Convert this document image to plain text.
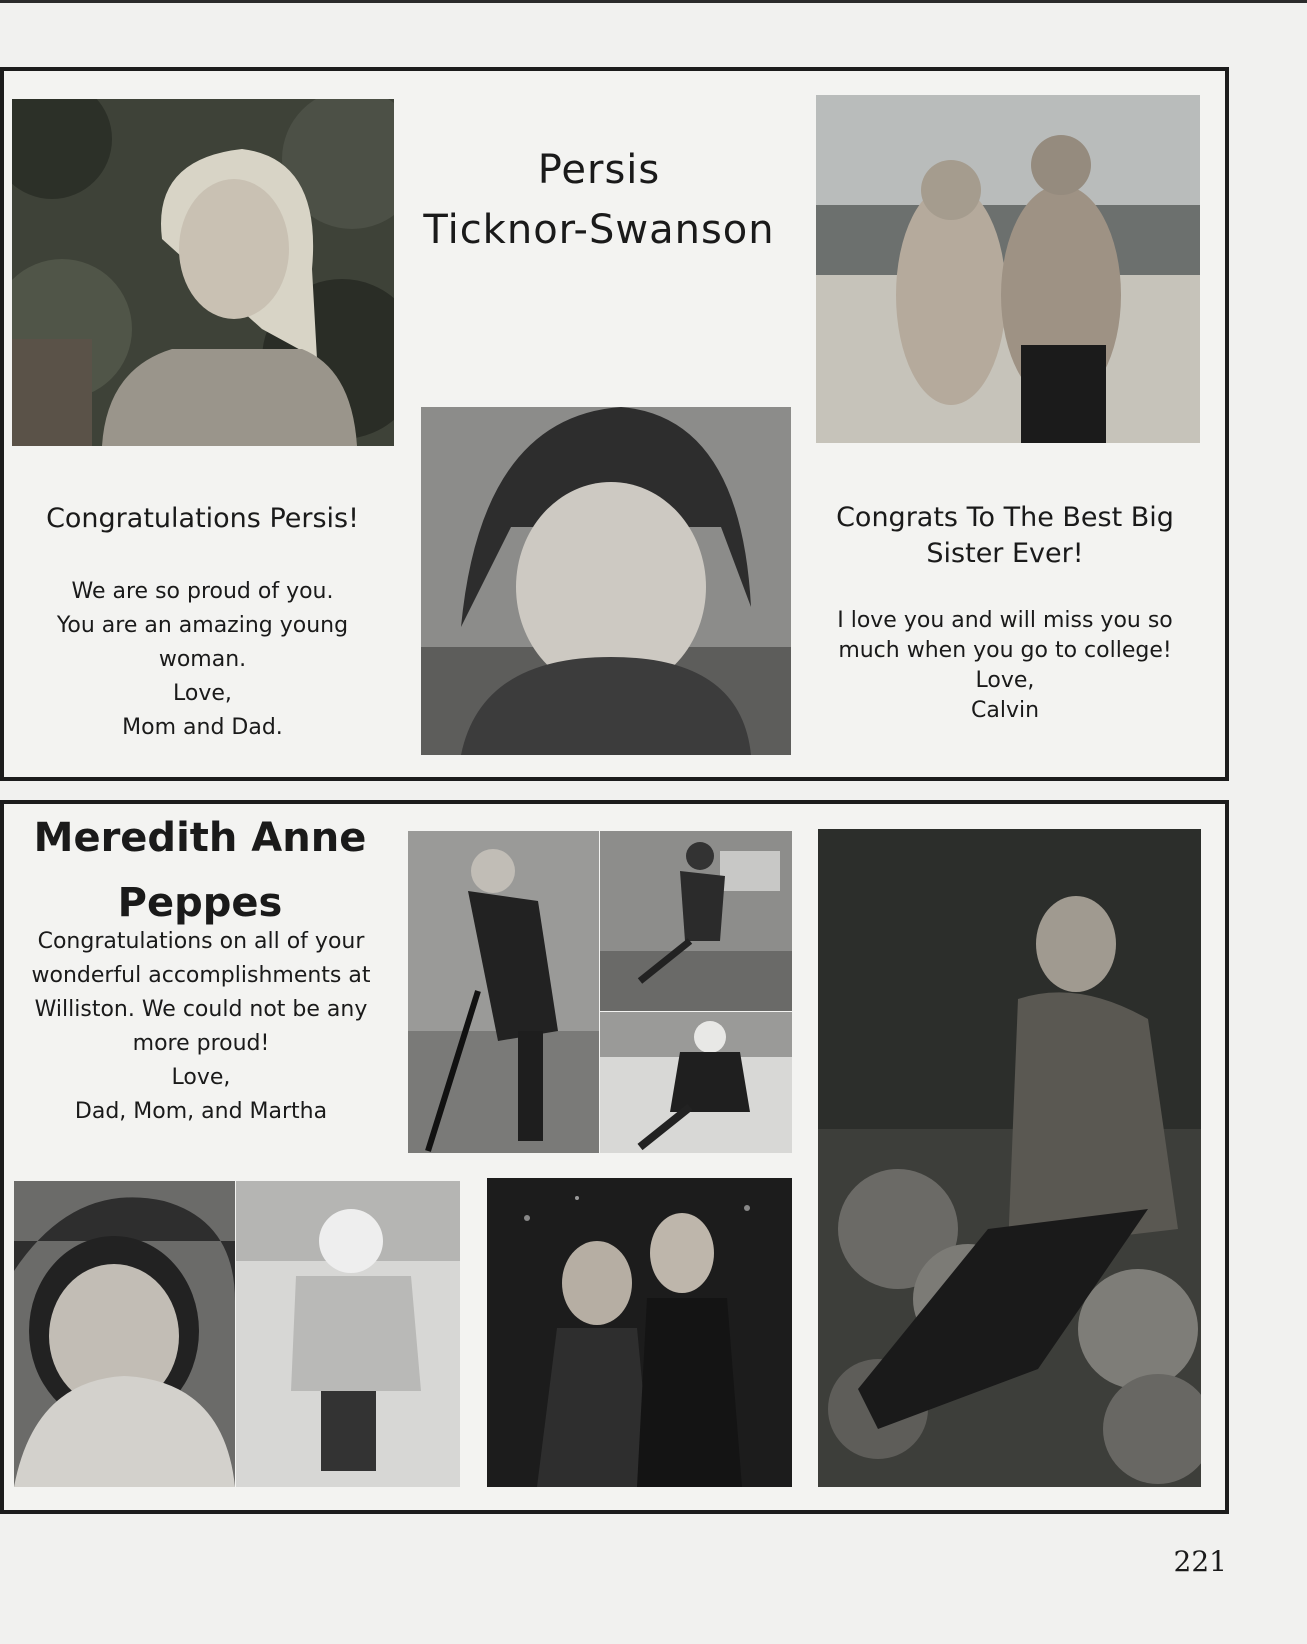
Persis
Ticknor-Swanson
Congratulations Persis!
We are so proud of you.
You are an amazing young
woman.
Love,
Mom and Dad.
Congrats To The Best Big
Sister Ever!
I love you and will miss you so
much when you go to college!
Love,
Calvin
Meredith Anne
Peppes
Congratulations on all of your
wonderful accomplishments at
Williston. We could not be any
more proud!
Love,
Dad, Mom, and Martha
221
